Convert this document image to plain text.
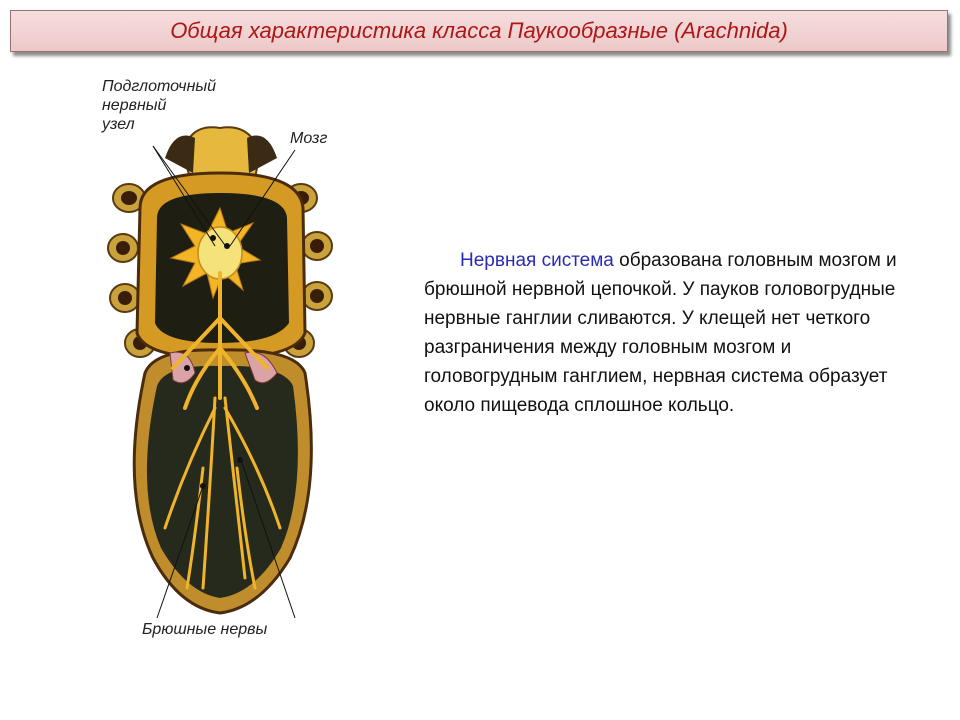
Общая характеристика класса Паукообразные (Arachnida)
Подглоточный
нервный
узел
Мозг
Брюшные нервы
Нервная система образована головным мозгом и брюшной нервной цепочкой. У пауков головогрудные нервные ганглии сливаются. У клещей нет четкого разграничения между головным мозгом и головогрудным ганглием, нервная система образует около пищевода сплошное кольцо.
